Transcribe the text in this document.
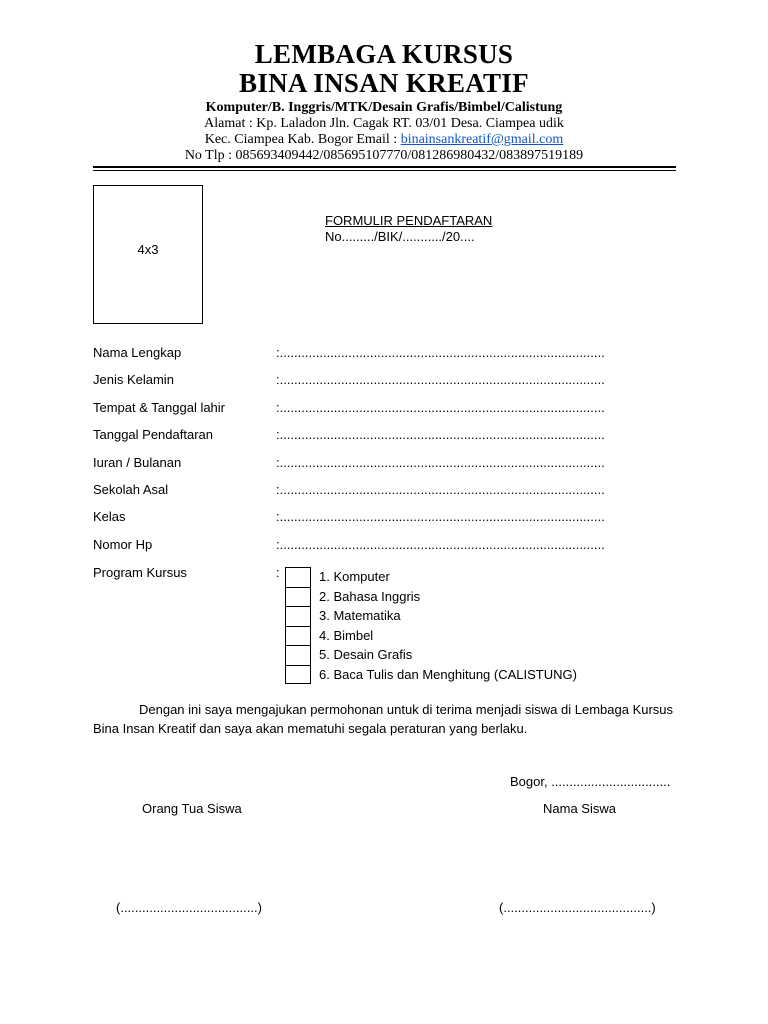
LEMBAGA KURSUS
BINA INSAN KREATIF
Komputer/B. Inggris/MTK/Desain Grafis/Bimbel/Calistung
Alamat : Kp. Laladon Jln. Cagak RT. 03/01 Desa. Ciampea udik
Kec. Ciampea Kab. Bogor Email : binainsankreatif@gmail.com
No Tlp : 085693409442/085695107770/081286980432/083897519189
4x3
FORMULIR PENDAFTARAN
No........./BIK/.........../20....
Nama Lengkap	:..........................................................................................
Jenis Kelamin	:..........................................................................................
Tempat & Tanggal lahir	:..........................................................................................
Tanggal Pendaftaran	:..........................................................................................
Iuran / Bulanan	:..........................................................................................
Sekolah Asal	:..........................................................................................
Kelas	:..........................................................................................
Nomor Hp	:..........................................................................................
Program Kursus	:	1. Komputer
2. Bahasa Inggris
3. Matematika
4. Bimbel
5. Desain Grafis
6. Baca Tulis dan Menghitung (CALISTUNG)
Dengan ini saya mengajukan permohonan untuk di terima menjadi siswa di Lembaga Kursus Bina Insan Kreatif dan saya akan mematuhi segala peraturan yang berlaku.
Bogor, .................................
Orang Tua Siswa	Nama Siswa
(......................................)	(.........................................)
